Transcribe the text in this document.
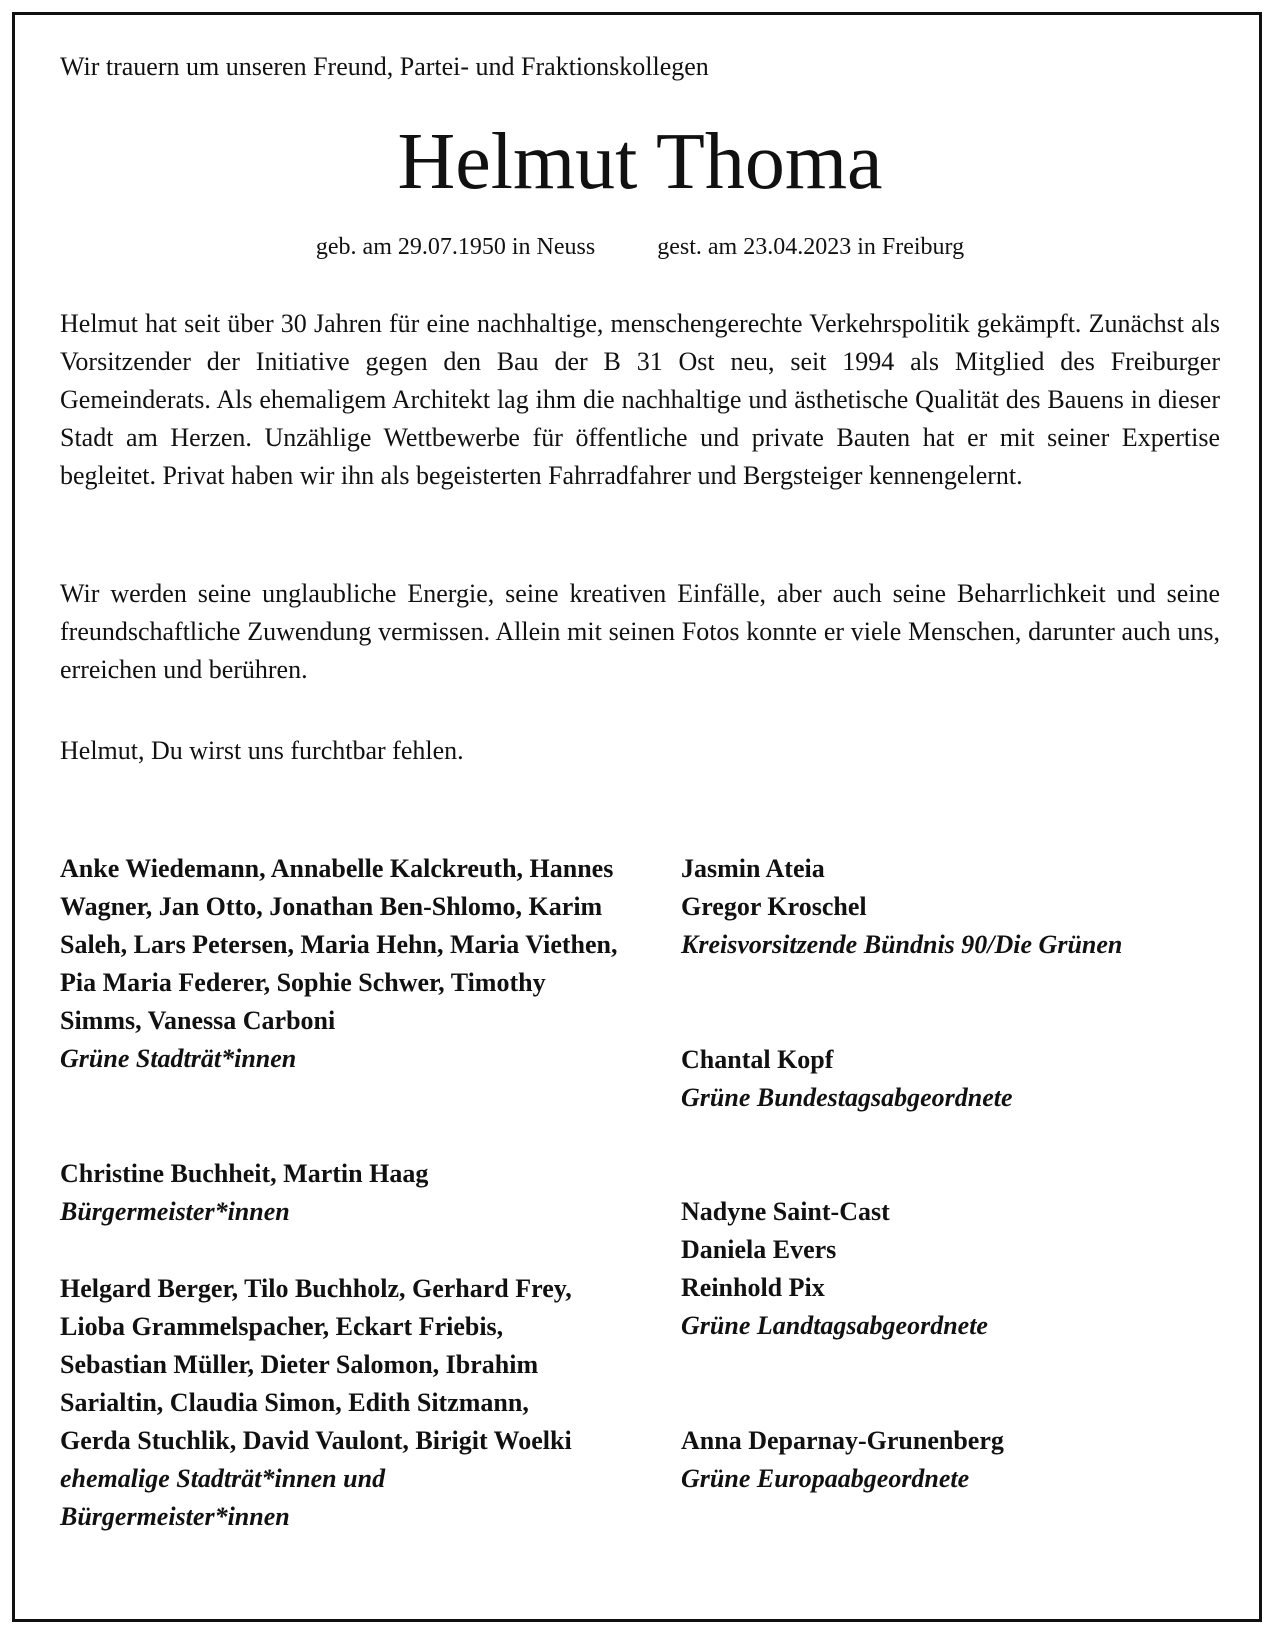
Wir trauern um unseren Freund, Partei- und Fraktionskollegen
Helmut Thoma
geb. am 29.07.1950 in Neuss	gest. am 23.04.2023 in Freiburg

Helmut hat seit über 30 Jahren für eine nachhaltige, menschengerechte Verkehrspolitik gekämpft. Zunächst als Vorsitzender der Initiative gegen den Bau der B 31 Ost neu, seit 1994 als Mitglied des Freiburger Gemeinderats. Als ehemaligem Architekt lag ihm die nachhaltige und ästhetische Qualität des Bauens in dieser Stadt am Herzen. Unzählige Wettbewerbe für öffentliche und private Bauten hat er mit seiner Expertise begleitet. Privat haben wir ihn als begeisterten Fahrradfahrer und Bergsteiger kennengelernt.

Wir werden seine unglaubliche Energie, seine kreativen Einfälle, aber auch seine Beharrlichkeit und seine freundschaftliche Zuwendung vermissen. Allein mit seinen Fotos konnte er viele Menschen, darunter auch uns, erreichen und berühren.

Helmut, Du wirst uns furchtbar fehlen.

Anke Wiedemann, Annabelle Kalckreuth, Hannes Wagner, Jan Otto, Jonathan Ben-Shlomo, Karim Saleh, Lars Petersen, Maria Hehn, Maria Viethen, Pia Maria Federer, Sophie Schwer, Timothy Simms, Vanessa Carboni

Grüne Stadträt*innen

Christine Buchheit, Martin Haag

Bürgermeister*innen

Helgard Berger, Tilo Buchholz, Gerhard Frey, Lioba Grammelspacher, Eckart Friebis, Sebastian Müller, Dieter Salomon, Ibrahim Sarialtin, Claudia Simon, Edith Sitzmann, Gerda Stuchlik, David Vaulont, Birigit Woelki

ehemalige Stadträt*innen und Bürgermeister*innen

Jasmin Ateia

Gregor Kroschel

Kreisvorsitzende Bündnis 90/Die Grünen

Chantal Kopf

Grüne Bundestagsabgeordnete

Nadyne Saint-Cast

Daniela Evers

Reinhold Pix

Grüne Landtagsabgeordnete

Anna Deparnay-Grunenberg

Grüne Europaabgeordnete
